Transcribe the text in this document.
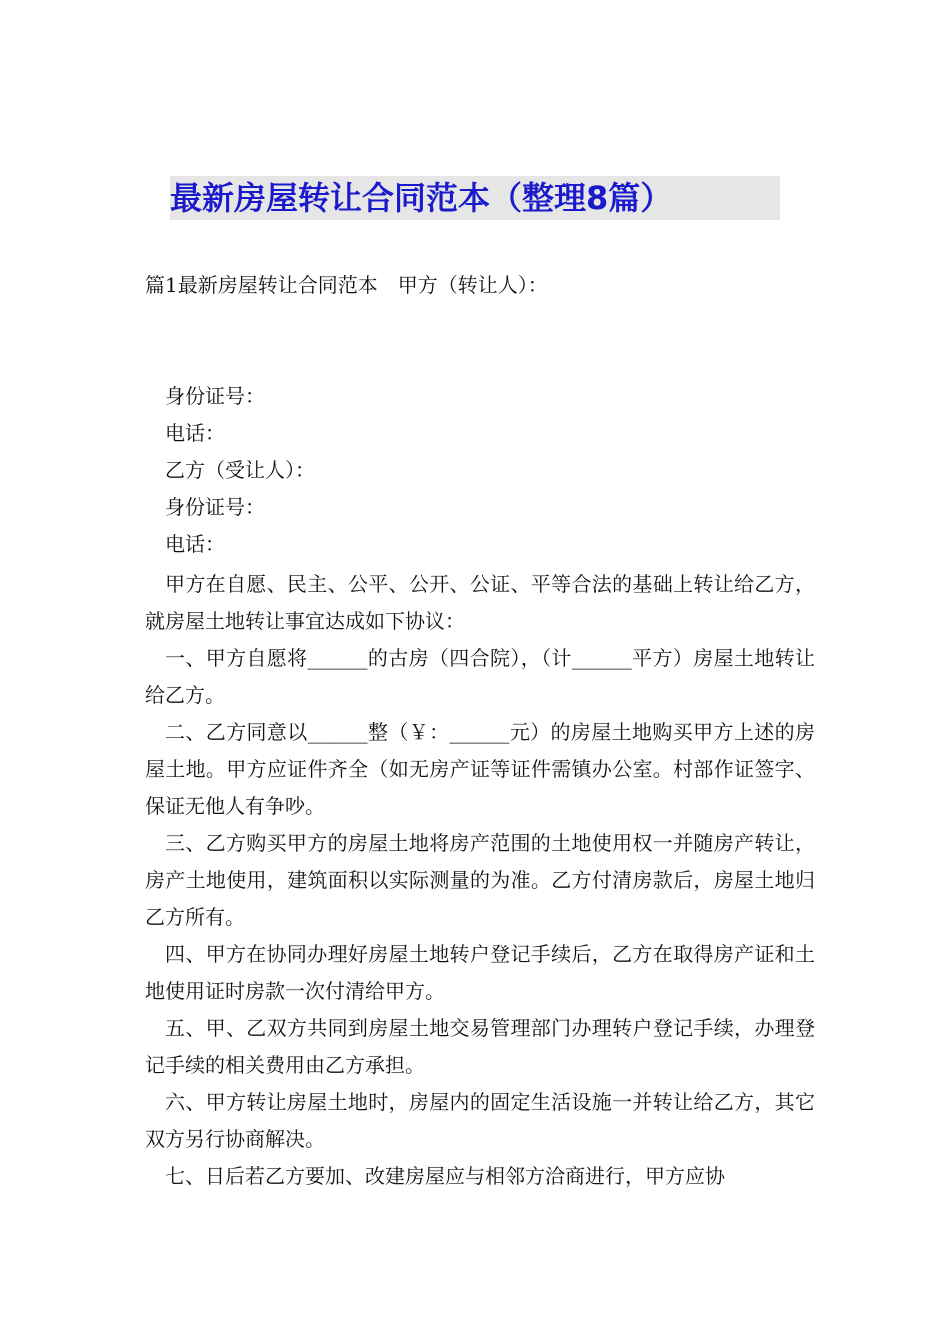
最新房屋转让合同范本（整理8篇）
篇1最新房屋转让合同范本　甲方（转让人）：
身份证号：
电话：
乙方（受让人）：
身份证号：
电话：

甲方在自愿、民主、公平、公开、公证、平等合法的基础上转让给乙方，就房屋土地转让事宜达成如下协议：

一、甲方自愿将______的古房（四合院），（计______平方）房屋土地转让给乙方。

二、乙方同意以______整（￥：______元）的房屋土地购买甲方上述的房屋土地。甲方应证件齐全（如无房产证等证件需镇办公室。村部作证签字、保证无他人有争吵。

三、乙方购买甲方的房屋土地将房产范围的土地使用权一并随房产转让，房产土地使用，建筑面积以实际测量的为准。乙方付清房款后，房屋土地归乙方所有。

四、甲方在协同办理好房屋土地转户登记手续后，乙方在取得房产证和土地使用证时房款一次付清给甲方。

五、甲、乙双方共同到房屋土地交易管理部门办理转户登记手续，办理登记手续的相关费用由乙方承担。

六、甲方转让房屋土地时，房屋内的固定生活设施一并转让给乙方，其它双方另行协商解决。

七、日后若乙方要加、改建房屋应与相邻方洽商进行，甲方应协
